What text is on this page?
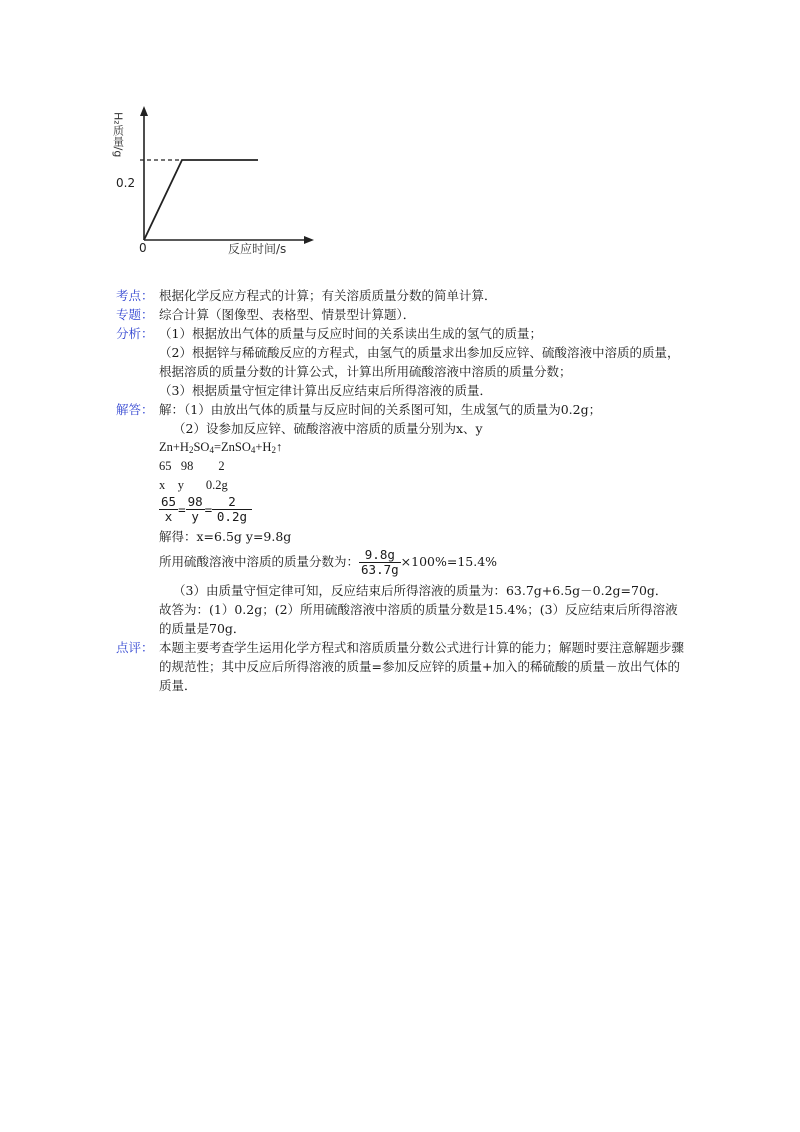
0.2
0	反应时间/s
H₂质量/g
考点： 根据化学反应方程式的计算；有关溶质质量分数的简单计算．
专题： 综合计算（图像型、表格型、情景型计算题）．
分析： （1）根据放出气体的质量与反应时间的关系读出生成的氢气的质量；
（2）根据锌与稀硫酸反应的方程式，由氢气的质量求出参加反应锌、硫酸溶液中溶质的质量，根据溶质的质量分数的计算公式，计算出所用硫酸溶液中溶质的质量分数；
（3）根据质量守恒定律计算出反应结束后所得溶液的质量．
解答： 解：（1）由放出气体的质量与反应时间的关系图可知，生成氢气的质量为0.2g；
（2）设参加反应锌、硫酸溶液中溶质的质量分别为x、y
$Zn+H_2SO_4=ZnSO_4+H_2↑$
65   98        2
x    y       0.2g
$\frac{65}{x} = \frac{98}{y} = \frac{2}{0.2g}$
解得：x=6.5g y=9.8g
所用硫酸溶液中溶质的质量分数为： $\frac{9.8g}{63.7g} \times 100\%=15.4\%$
（3）由质量守恒定律可知，反应结束后所得溶液的质量为：63.7g+6.5g－0.2g=70g．
故答为：(1）0.2g；(2）所用硫酸溶液中溶质的质量分数是15.4%；(3）反应结束后所得溶液的质量是70g．
点评： 本题主要考查学生运用化学方程式和溶质质量分数公式进行计算的能力；解题时要注意解题步骤的规范性；其中反应后所得溶液的质量=参加反应锌的质量+加入的稀硫酸的质量－放出气体的质量．
